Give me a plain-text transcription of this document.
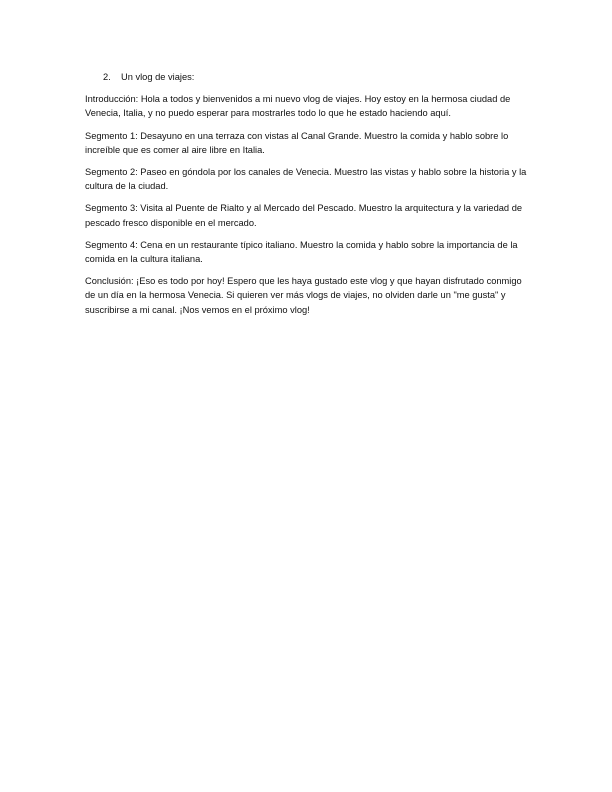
2.	Un vlog de viajes:

Introducción: Hola a todos y bienvenidos a mi nuevo vlog de viajes. Hoy estoy en la hermosa ciudad de Venecia, Italia, y no puedo esperar para mostrarles todo lo que he estado haciendo aquí.

Segmento 1: Desayuno en una terraza con vistas al Canal Grande. Muestro la comida y hablo sobre lo increíble que es comer al aire libre en Italia.

Segmento 2: Paseo en góndola por los canales de Venecia. Muestro las vistas y hablo sobre la historia y la cultura de la ciudad.

Segmento 3: Visita al Puente de Rialto y al Mercado del Pescado. Muestro la arquitectura y la variedad de pescado fresco disponible en el mercado.

Segmento 4: Cena en un restaurante típico italiano. Muestro la comida y hablo sobre la importancia de la comida en la cultura italiana.

Conclusión: ¡Eso es todo por hoy! Espero que les haya gustado este vlog y que hayan disfrutado conmigo de un día en la hermosa Venecia. Si quieren ver más vlogs de viajes, no olviden darle un "me gusta" y suscribirse a mi canal. ¡Nos vemos en el próximo vlog!
